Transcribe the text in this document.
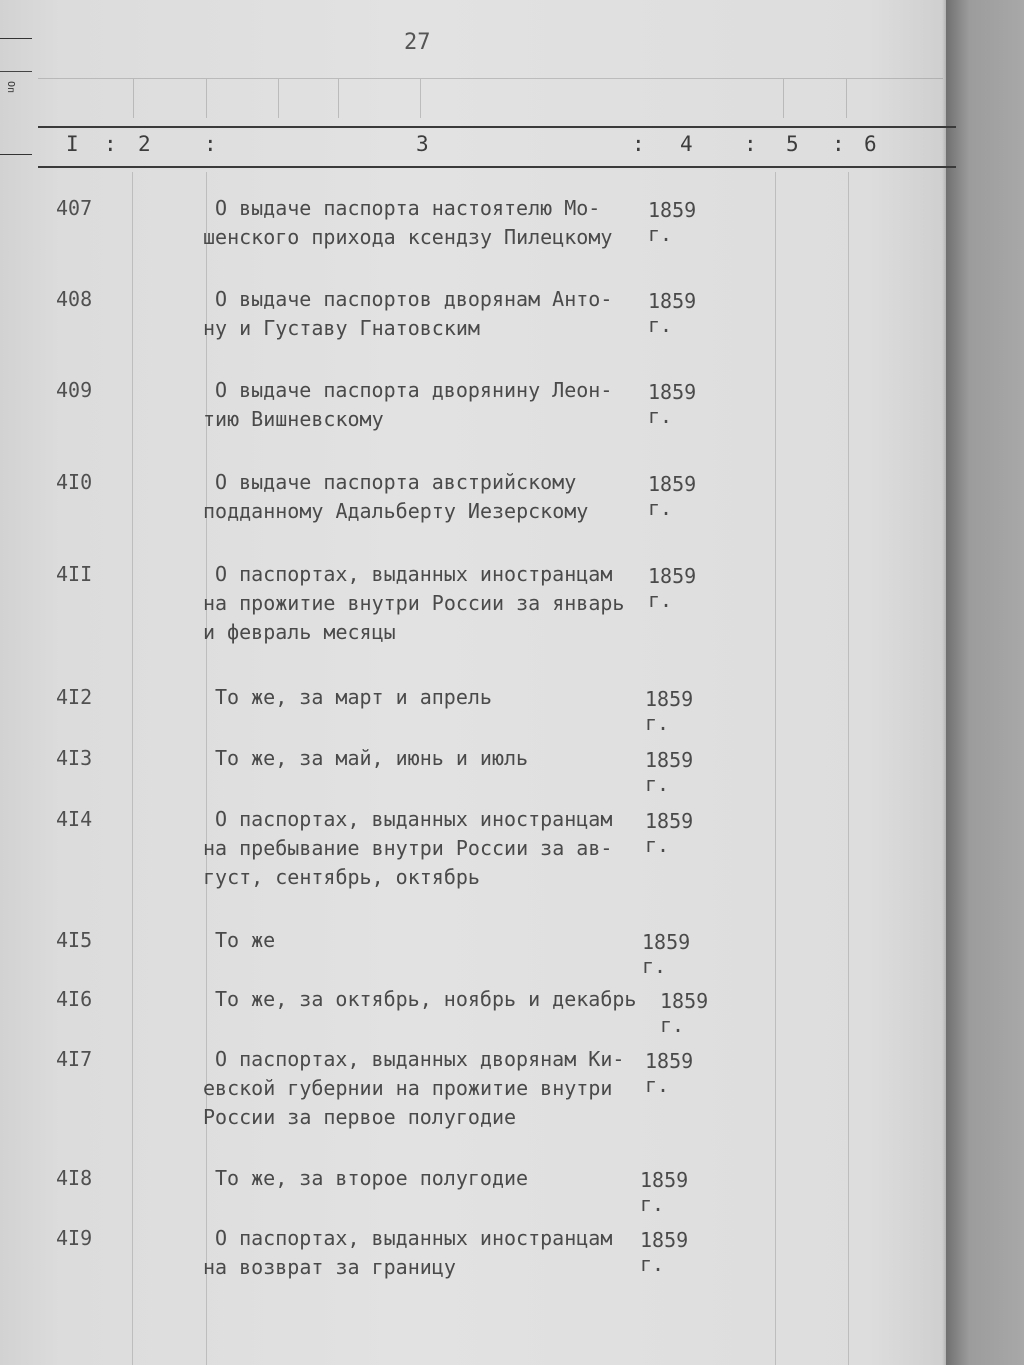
Оп
27
I : 2	:	3	: 4 : 5 : 6
407	О выдаче паспорта настоятелю Мо-
шенского прихода ксендзу Пилецкому
1859 г.
408	О выдаче паспортов дворянам Анто-
ну и Густаву Гнатовским
1859 г.
409	О выдаче паспорта дворянину Леон-
тию Вишневскому
1859 г.
4I0	О выдаче паспорта австрийскому
подданному Адальберту Иезерскому
1859 г.
4II	О паспортах, выданных иностранцам
на прожитие внутри России за январь
и февраль месяцы
1859 г.
4I2	То же, за март и апрель	1859 г.
4I3	То же, за май, июнь и июль	1859 г.
4I4	О паспортах, выданных иностранцам
на пребывание внутри России за ав-
густ, сентябрь, октябрь
1859 г.
4I5	То же	1859 г.
4I6	То же, за октябрь, ноябрь и декабрь	1859 г.
4I7	О паспортах, выданных дворянам Ки-
евской губернии на прожитие внутри
России за первое полугодие
1859 г.
4I8	То же, за второе полугодие	1859 г.
4I9	О паспортах, выданных иностранцам
на возврат за границу
1859 г.
